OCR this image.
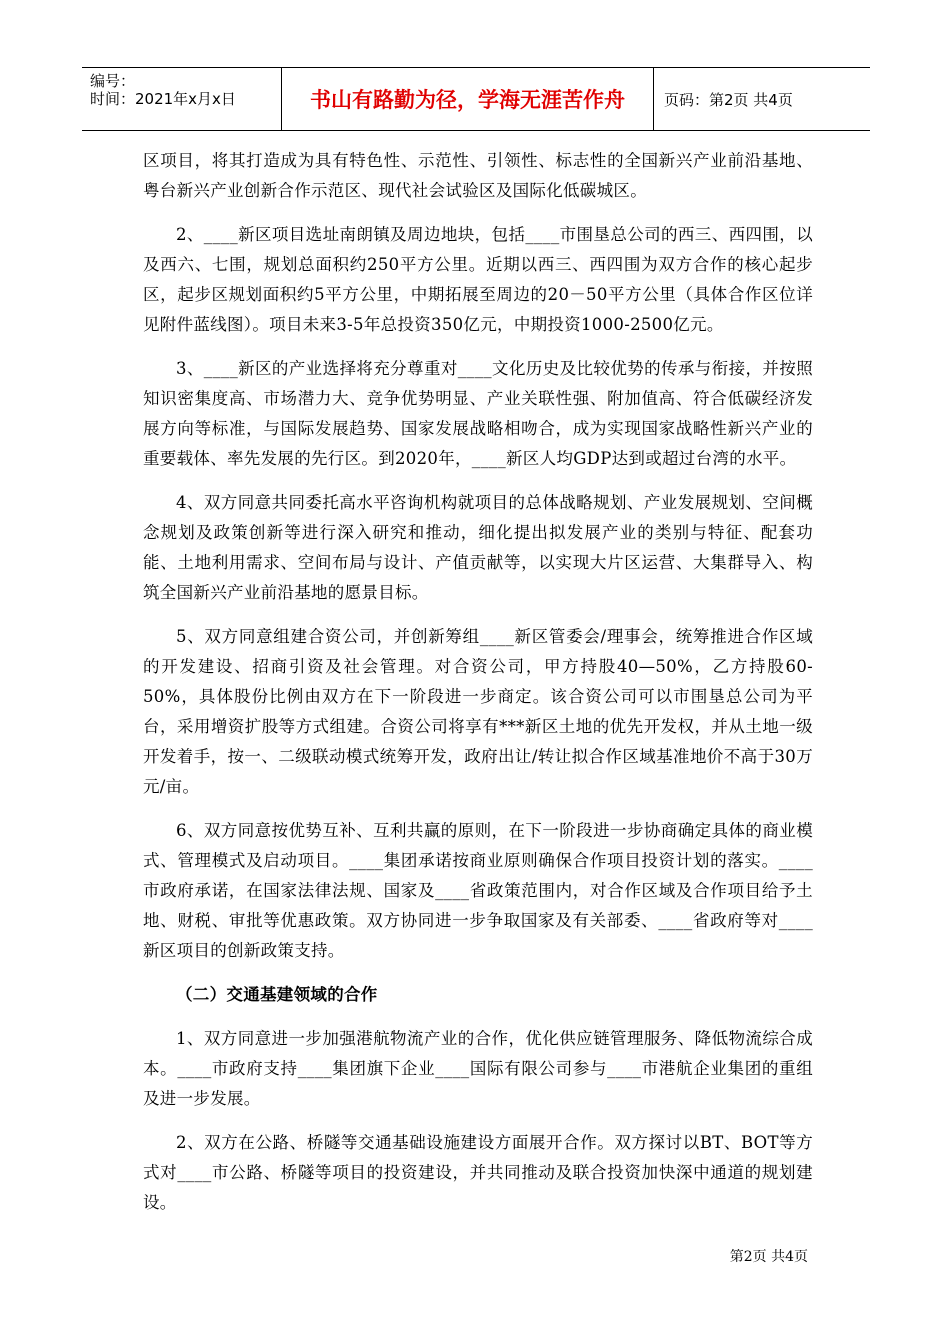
编号：
时间：2021年x月x日	书山有路勤为径，学海无涯苦作舟	页码：第2页 共4页

区项目，将其打造成为具有特色性、示范性、引领性、标志性的全国新兴产业前沿基地、粤台新兴产业创新合作示范区、现代社会试验区及国际化低碳城区。

2、____新区项目选址南朗镇及周边地块，包括____市围垦总公司的西三、西四围，以及西六、七围，规划总面积约250平方公里。近期以西三、西四围为双方合作的核心起步区，起步区规划面积约5平方公里，中期拓展至周边的20－50平方公里（具体合作区位详见附件蓝线图）。项目未来3-5年总投资350亿元，中期投资1000-2500亿元。

3、____新区的产业选择将充分尊重对____文化历史及比较优势的传承与衔接，并按照知识密集度高、市场潜力大、竞争优势明显、产业关联性强、附加值高、符合低碳经济发展方向等标准，与国际发展趋势、国家发展战略相吻合，成为实现国家战略性新兴产业的重要载体、率先发展的先行区。到2020年，____新区人均GDP达到或超过台湾的水平。

4、双方同意共同委托高水平咨询机构就项目的总体战略规划、产业发展规划、空间概念规划及政策创新等进行深入研究和推动，细化提出拟发展产业的类别与特征、配套功能、土地利用需求、空间布局与设计、产值贡献等，以实现大片区运营、大集群导入、构筑全国新兴产业前沿基地的愿景目标。

5、双方同意组建合资公司，并创新筹组____新区管委会/理事会，统筹推进合作区域的开发建设、招商引资及社会管理。对合资公司，甲方持股40—50%，乙方持股60-50%，具体股份比例由双方在下一阶段进一步商定。该合资公司可以市围垦总公司为平台，采用增资扩股等方式组建。合资公司将享有***新区土地的优先开发权，并从土地一级开发着手，按一、二级联动模式统筹开发，政府出让/转让拟合作区域基准地价不高于30万元/亩。

6、双方同意按优势互补、互利共赢的原则，在下一阶段进一步协商确定具体的商业模式、管理模式及启动项目。____集团承诺按商业原则确保合作项目投资计划的落实。____市政府承诺，在国家法律法规、国家及____省政策范围内，对合作区域及合作项目给予土地、财税、审批等优惠政策。双方协同进一步争取国家及有关部委、____省政府等对____新区项目的创新政策支持。

（二）交通基建领域的合作

1、双方同意进一步加强港航物流产业的合作，优化供应链管理服务、降低物流综合成本。____市政府支持____集团旗下企业____国际有限公司参与____市港航企业集团的重组及进一步发展。

2、双方在公路、桥隧等交通基础设施建设方面展开合作。双方探讨以BT、BOT等方式对____市公路、桥隧等项目的投资建设，并共同推动及联合投资加快深中通道的规划建设。

第2页 共4页
